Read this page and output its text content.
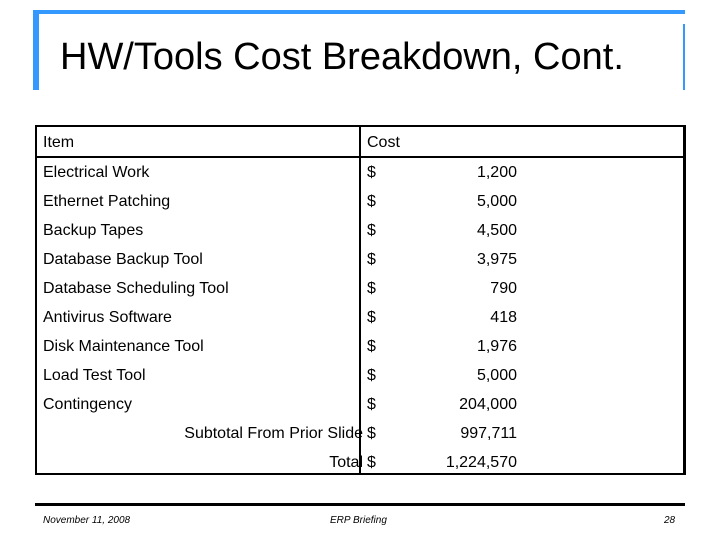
HW/Tools Cost Breakdown, Cont.
Item	Cost
Electrical Work	$	1,200
Ethernet Patching	$	5,000
Backup Tapes	$	4,500
Database Backup Tool	$	3,975
Database Scheduling Tool	$	790
Antivirus Software	$	418
Disk Maintenance Tool	$	1,976
Load Test Tool	$	5,000
Contingency	$	204,000
Subtotal From Prior Slide $	997,711
Total $	1,224,570
November 11, 2008	ERP Briefing	28
